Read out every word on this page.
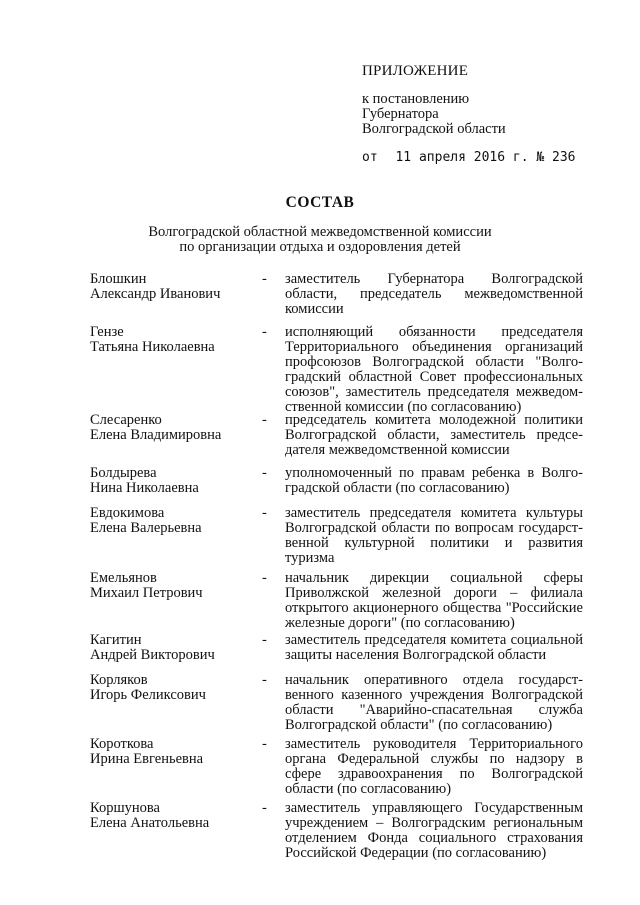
ПРИЛОЖЕНИЕ

к постановлению

Губернатора

Волгоградской области

от 11 апреля 2016 г. № 236
СОСТАВ
Волгоградской областной межведомственной комиссии
по организации отдыха и оздоровления детей
Блошкин
Александр Иванович
- заместитель Губернатора Волгоградской области, председатель межведомственной комиссии
Гензе
Татьяна Николаевна
- исполняющий обязанности председателя Территориального объединения организаций профсоюзов Волгоградской области "Волгоградский областной Совет профессиональных союзов", заместитель председателя межведомственной комиссии (по согласованию)
Слесаренко
Елена Владимировна
- председатель комитета молодежной политики Волгоградской области, заместитель председателя межведомственной комиссии
Болдырева
Нина Николаевна
- уполномоченный по правам ребенка в Волгоградской области (по согласованию)
Евдокимова
Елена Валерьевна
- заместитель председателя комитета культуры Волгоградской области по вопросам государственной культурной политики и развития туризма
Емельянов
Михаил Петрович
- начальник дирекции социальной сферы Приволжской железной дороги – филиала открытого акционерного общества "Российские железные дороги" (по согласованию)
Кагитин
Андрей Викторович
- заместитель председателя комитета социальной защиты населения Волгоградской области
Корляков
Игорь Феликсович
- начальник оперативного отдела государственного казенного учреждения Волгоградской области "Аварийно-спасательная служба Волгоградской области" (по согласованию)
Короткова
Ирина Евгеньевна
- заместитель руководителя Территориального органа Федеральной службы по надзору в сфере здравоохранения по Волгоградской области (по согласованию)
Коршунова
Елена Анатольевна
- заместитель управляющего Государственным учреждением – Волгоградским региональным отделением Фонда социального страхования Российской Федерации (по согласованию)
